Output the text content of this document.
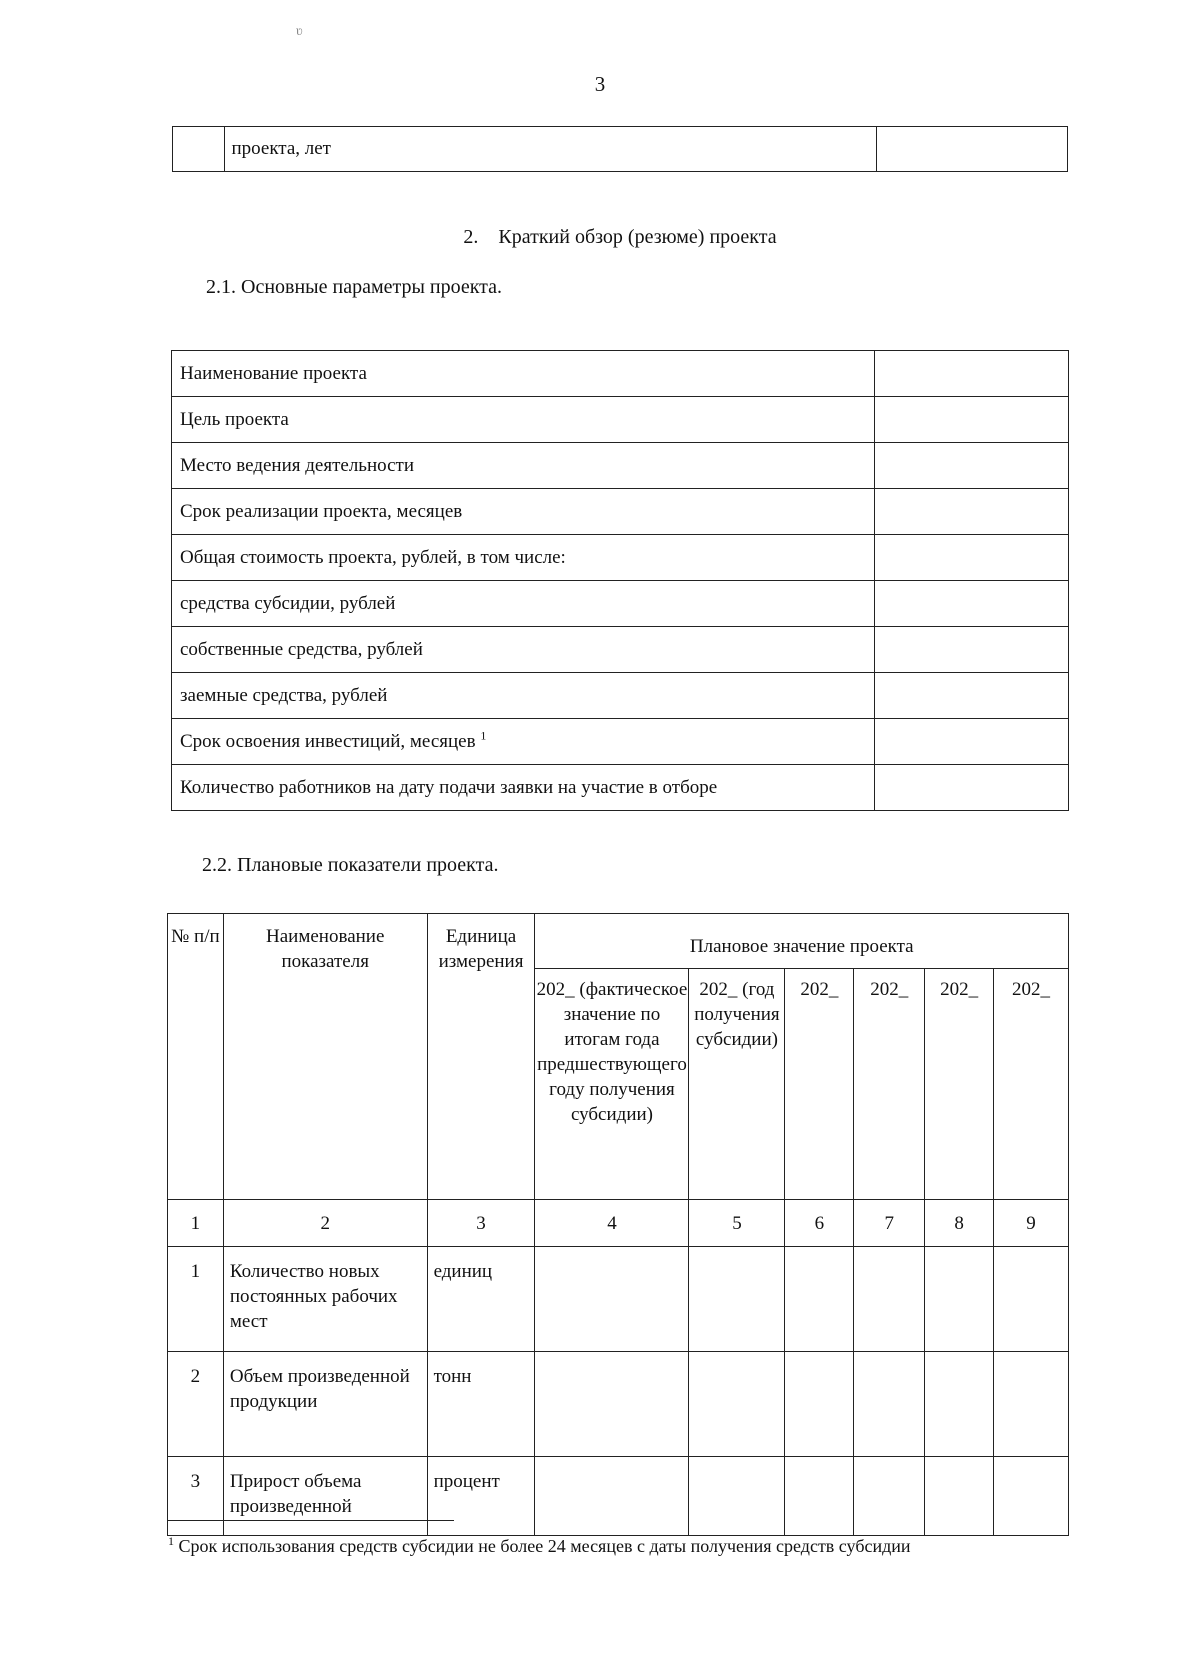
ʋ
3
	проекта, лет	
2. Краткий обзор (резюме) проекта
2.1. Основные параметры проекта.
Наименование проекта	
Цель проекта	
Место ведения деятельности	
Срок реализации проекта, месяцев	
Общая стоимость проекта, рублей, в том числе:	
средства субсидии, рублей	
собственные средства, рублей	
заемные средства, рублей	
Срок освоения инвестиций, месяцев $^1$	
Количество работников на дату подачи заявки на участие в отборе	
2.2. Плановые показатели проекта.
№ п/п	Наименование показателя	Единица измерения	Плановое значение проекта					
			202_ (фактическое значение по итогам года предшествующего году получения субсидии)	202_ (год получения субсидии)	202_	202_	202_	202_
1	2	3	4	5	6	7	8	9
1	Количество новых постоянных рабочих мест	единиц						
2	Объем произведенной продукции	тонн						
3	Прирост объема произведенной	процент						
$^1$ Срок использования средств субсидии не более 24 месяцев с даты получения средств субсидии
